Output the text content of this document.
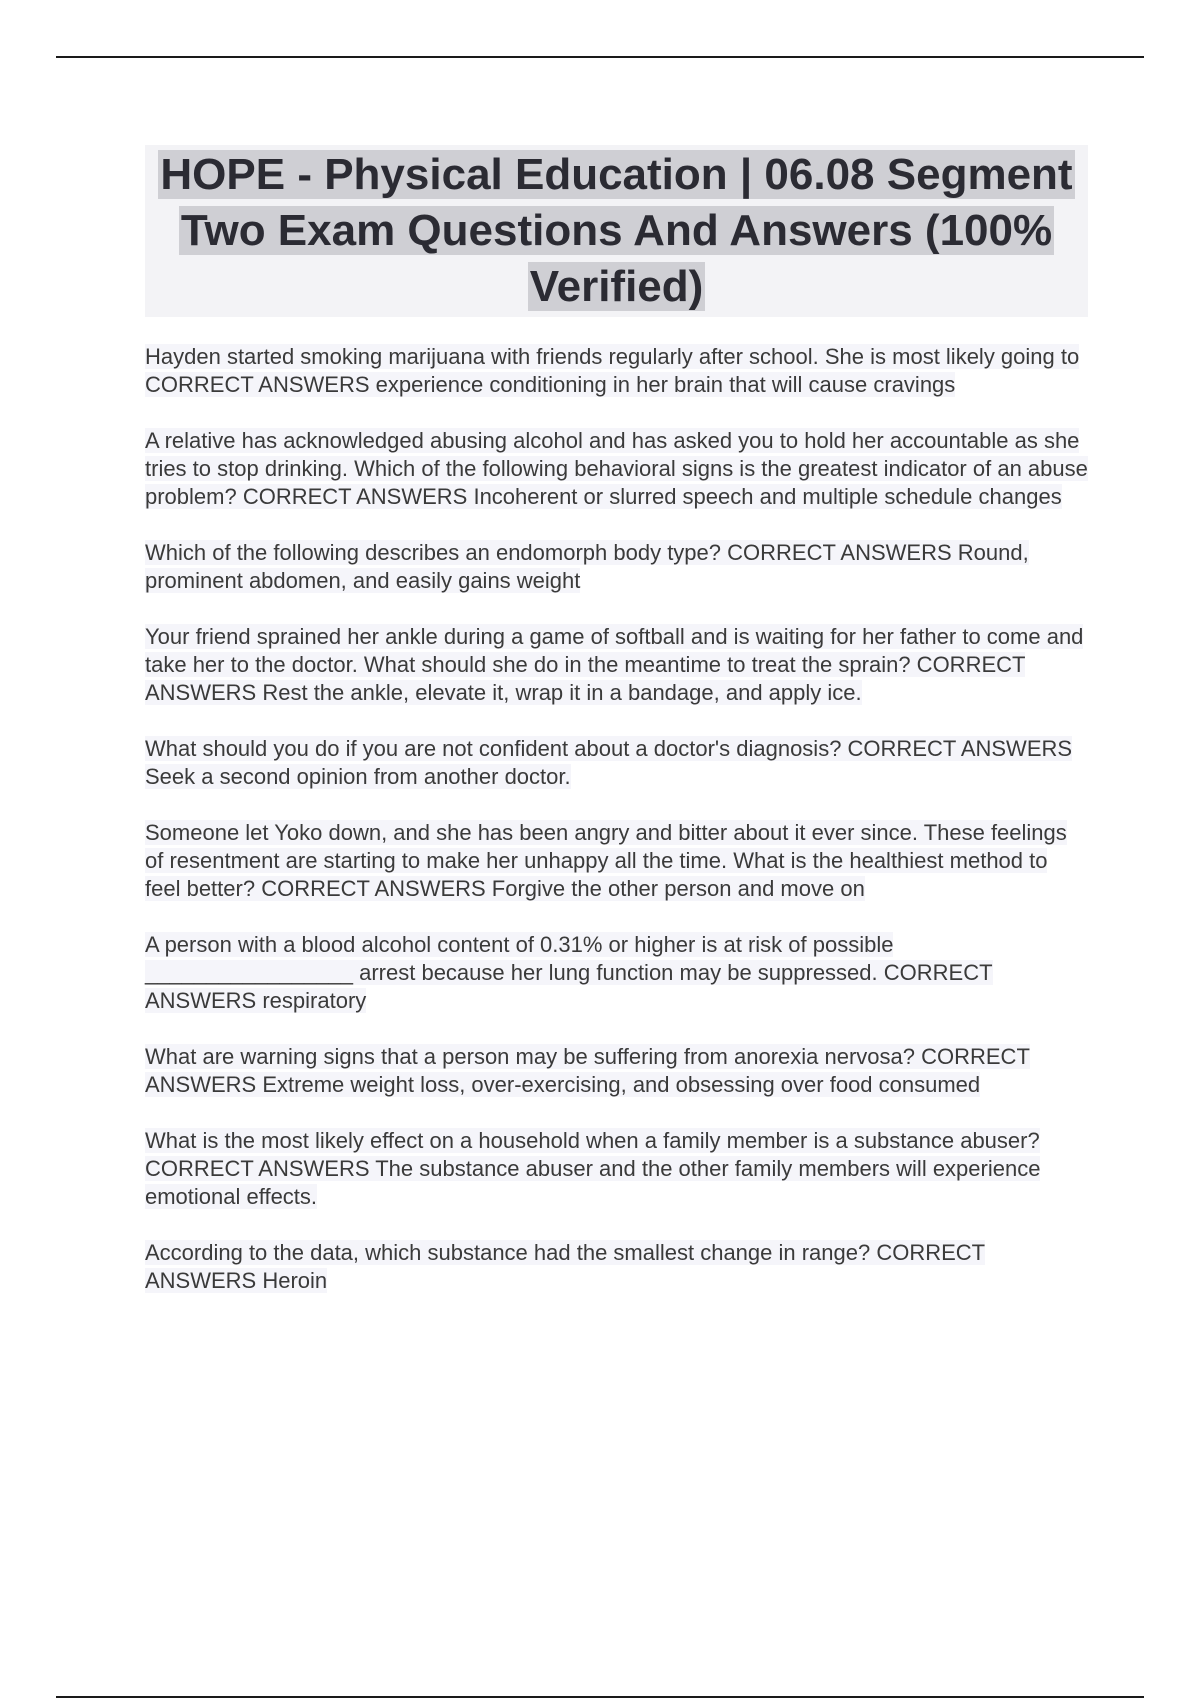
HOPE - Physical Education | 06.08 Segment Two Exam Questions And Answers (100% Verified)
Hayden started smoking marijuana with friends regularly after school. She is most likely going to CORRECT ANSWERS experience conditioning in her brain that will cause cravings
A relative has acknowledged abusing alcohol and has asked you to hold her accountable as she tries to stop drinking. Which of the following behavioral signs is the greatest indicator of an abuse problem? CORRECT ANSWERS Incoherent or slurred speech and multiple schedule changes
Which of the following describes an endomorph body type? CORRECT ANSWERS Round, prominent abdomen, and easily gains weight
Your friend sprained her ankle during a game of softball and is waiting for her father to come and take her to the doctor. What should she do in the meantime to treat the sprain? CORRECT ANSWERS Rest the ankle, elevate it, wrap it in a bandage, and apply ice.
What should you do if you are not confident about a doctor's diagnosis? CORRECT ANSWERS Seek a second opinion from another doctor.
Someone let Yoko down, and she has been angry and bitter about it ever since. These feelings of resentment are starting to make her unhappy all the time. What is the healthiest method to feel better? CORRECT ANSWERS Forgive the other person and move on
A person with a blood alcohol content of 0.31% or higher is at risk of possible _________________ arrest because her lung function may be suppressed. CORRECT ANSWERS respiratory
What are warning signs that a person may be suffering from anorexia nervosa? CORRECT ANSWERS Extreme weight loss, over-exercising, and obsessing over food consumed
What is the most likely effect on a household when a family member is a substance abuser? CORRECT ANSWERS The substance abuser and the other family members will experience emotional effects.
According to the data, which substance had the smallest change in range? CORRECT ANSWERS Heroin
